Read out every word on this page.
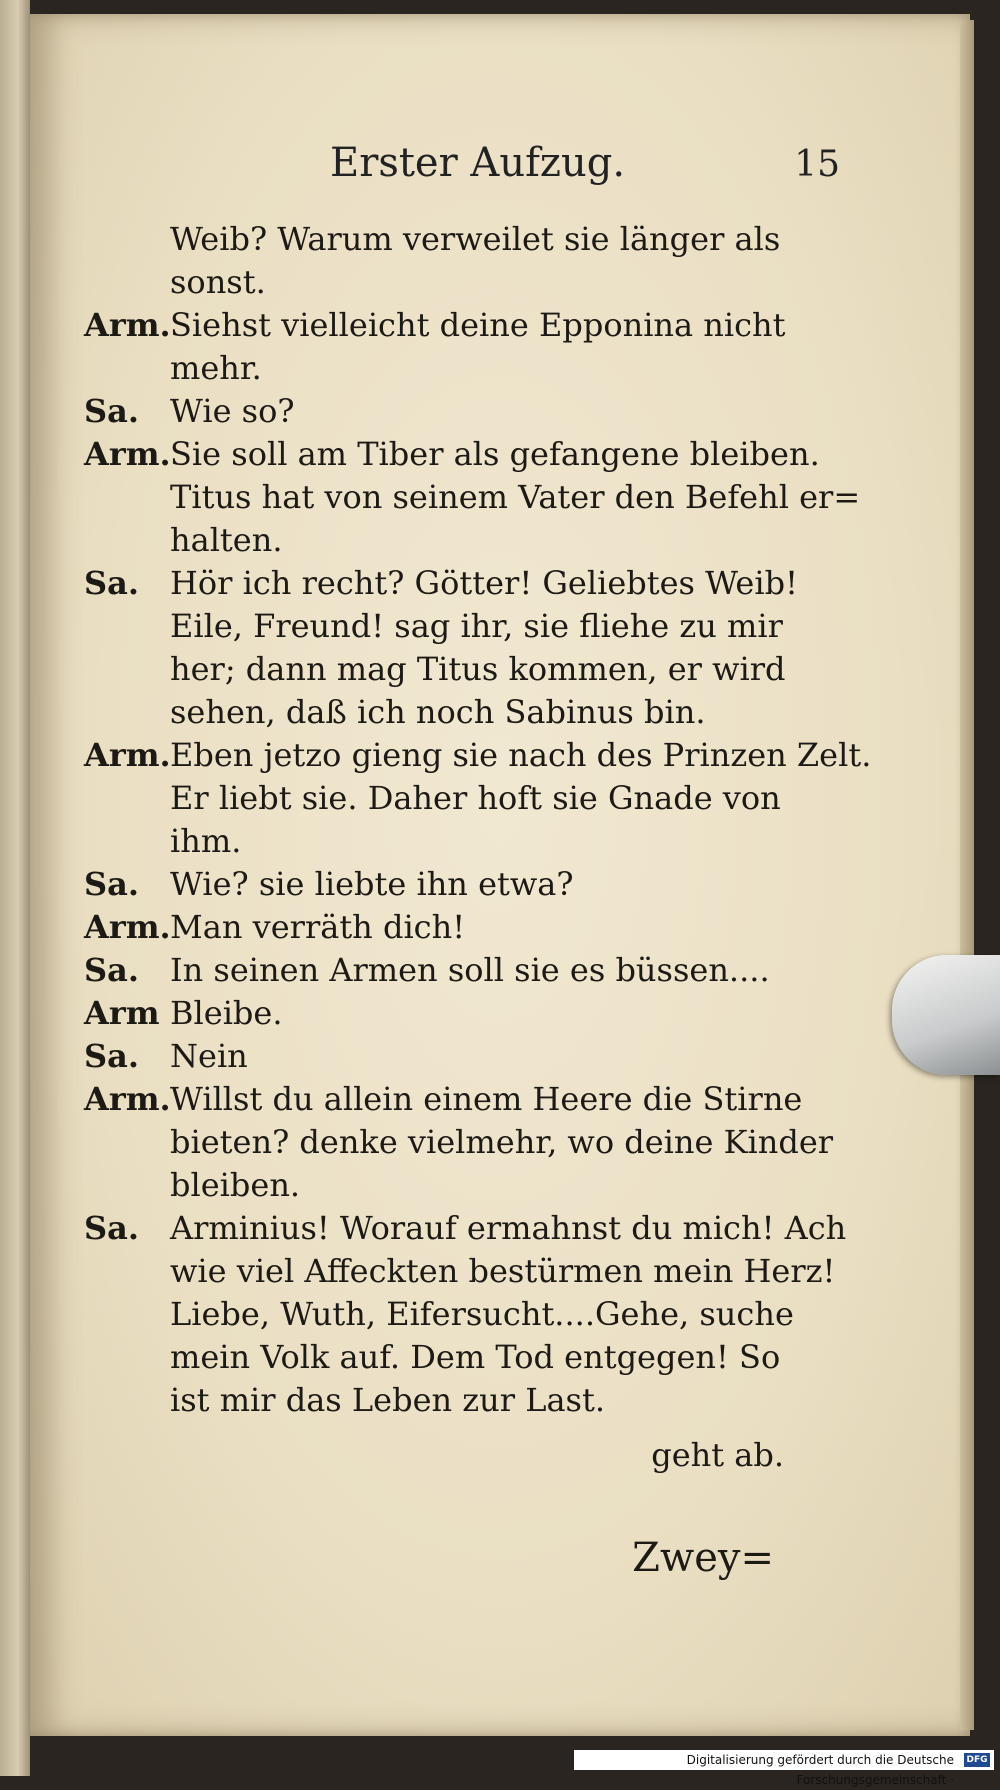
Erster Aufzug.	15
Weib? Warum verweilet sie länger als
sonst.
Arm. Siehst vielleicht deine Epponina nicht
mehr.
Sa. Wie so?
Arm. Sie soll am Tiber als gefangene bleiben.
Titus hat von seinem Vater den Befehl er=
halten.
Sa. Hör ich recht? Götter! Geliebtes Weib!
Eile, Freund! sag ihr, sie fliehe zu mir
her; dann mag Titus kommen, er wird
sehen, daß ich noch Sabinus bin.
Arm. Eben jetzo gieng sie nach des Prinzen Zelt.
Er liebt sie. Daher hoft sie Gnade von
ihm.
Sa. Wie? sie liebte ihn etwa?
Arm. Man verräth dich!
Sa. In seinen Armen soll sie es büssen....
Arm Bleibe.
Sa. Nein
Arm. Willst du allein einem Heere die Stirne
bieten? denke vielmehr, wo deine Kinder
bleiben.
Sa. Arminius! Worauf ermahnst du mich! Ach
wie viel Affeckten bestürmen mein Herz!
Liebe, Wuth, Eifersucht....Gehe, suche
mein Volk auf. Dem Tod entgegen! So
ist mir das Leben zur Last.
geht ab.
Zwey=
Digitalisierung gefördert durch die Deutsche Forschungsgemeinschaft ·
DFG
